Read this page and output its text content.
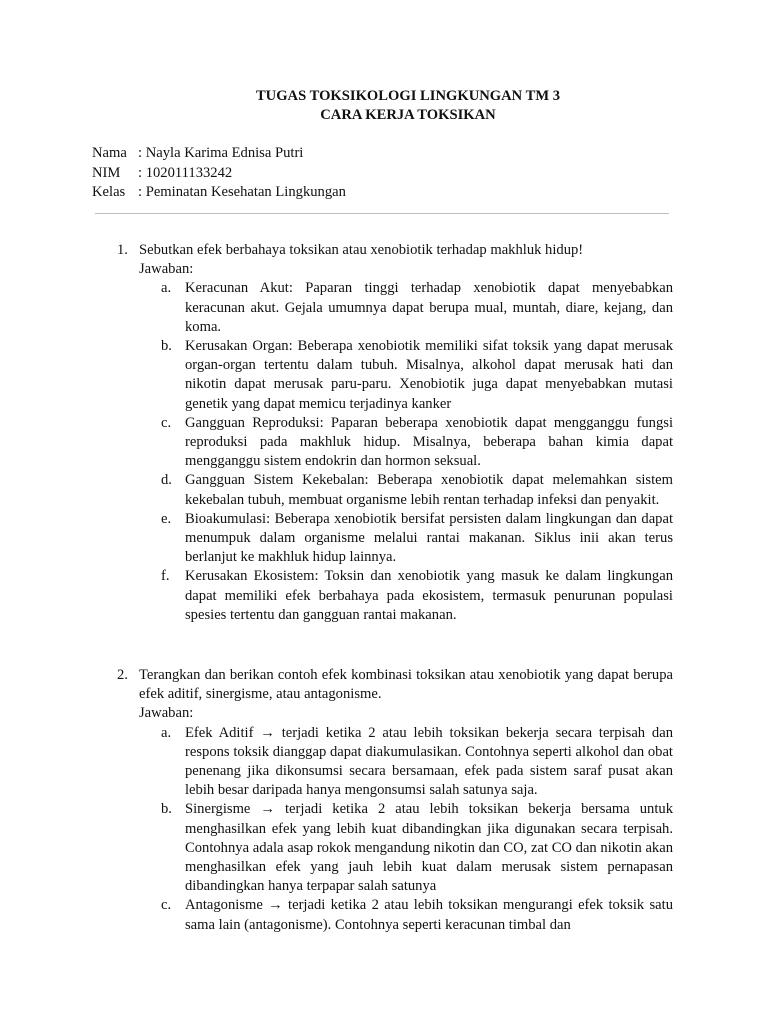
TUGAS TOKSIKOLOGI LINGKUNGAN TM 3
CARA KERJA TOKSIKAN
Nama : Nayla Karima Ednisa Putri
NIM	: 102011133242
Kelas : Peminatan Kesehatan Lingkungan
1. Sebutkan efek berbahaya toksikan atau xenobiotik terhadap makhluk hidup!
Jawaban:
a. Keracunan Akut: Paparan tinggi terhadap xenobiotik dapat menyebabkan keracunan akut. Gejala umumnya dapat berupa mual, muntah, diare, kejang, dan koma.
b. Kerusakan Organ: Beberapa xenobiotik memiliki sifat toksik yang dapat merusak organ-organ tertentu dalam tubuh. Misalnya, alkohol dapat merusak hati dan nikotin dapat merusak paru-paru. Xenobiotik juga dapat menyebabkan mutasi genetik yang dapat memicu terjadinya kanker
c. Gangguan Reproduksi: Paparan beberapa xenobiotik dapat mengganggu fungsi reproduksi pada makhluk hidup. Misalnya, beberapa bahan kimia dapat mengganggu sistem endokrin dan hormon seksual.
d. Gangguan Sistem Kekebalan: Beberapa xenobiotik dapat melemahkan sistem kekebalan tubuh, membuat organisme lebih rentan terhadap infeksi dan penyakit.
e. Bioakumulasi: Beberapa xenobiotik bersifat persisten dalam lingkungan dan dapat menumpuk dalam organisme melalui rantai makanan. Siklus inii akan terus berlanjut ke makhluk hidup lainnya.
f.	Kerusakan Ekosistem: Toksin dan xenobiotik yang masuk ke dalam lingkungan dapat memiliki efek berbahaya pada ekosistem, termasuk penurunan populasi spesies tertentu dan gangguan rantai makanan.
2. Terangkan dan berikan contoh efek kombinasi toksikan atau xenobiotik yang dapat berupa efek aditif, sinergisme, atau antagonisme.
Jawaban:
a. Efek Aditif → terjadi ketika 2 atau lebih toksikan bekerja secara terpisah dan respons toksik dianggap dapat diakumulasikan. Contohnya seperti alkohol dan obat penenang jika dikonsumsi secara bersamaan, efek pada sistem saraf pusat akan lebih besar daripada hanya mengonsumsi salah satunya saja.
b. Sinergisme → terjadi ketika 2 atau lebih toksikan bekerja bersama untuk menghasilkan efek yang lebih kuat dibandingkan jika digunakan secara terpisah. Contohnya adala asap rokok mengandung nikotin dan CO, zat CO dan nikotin akan menghasilkan efek yang jauh lebih kuat dalam merusak sistem pernapasan dibandingkan hanya terpapar salah satunya
c. Antagonisme → terjadi ketika 2 atau lebih toksikan mengurangi efek toksik satu sama lain (antagonisme). Contohnya seperti keracunan timbal dan
